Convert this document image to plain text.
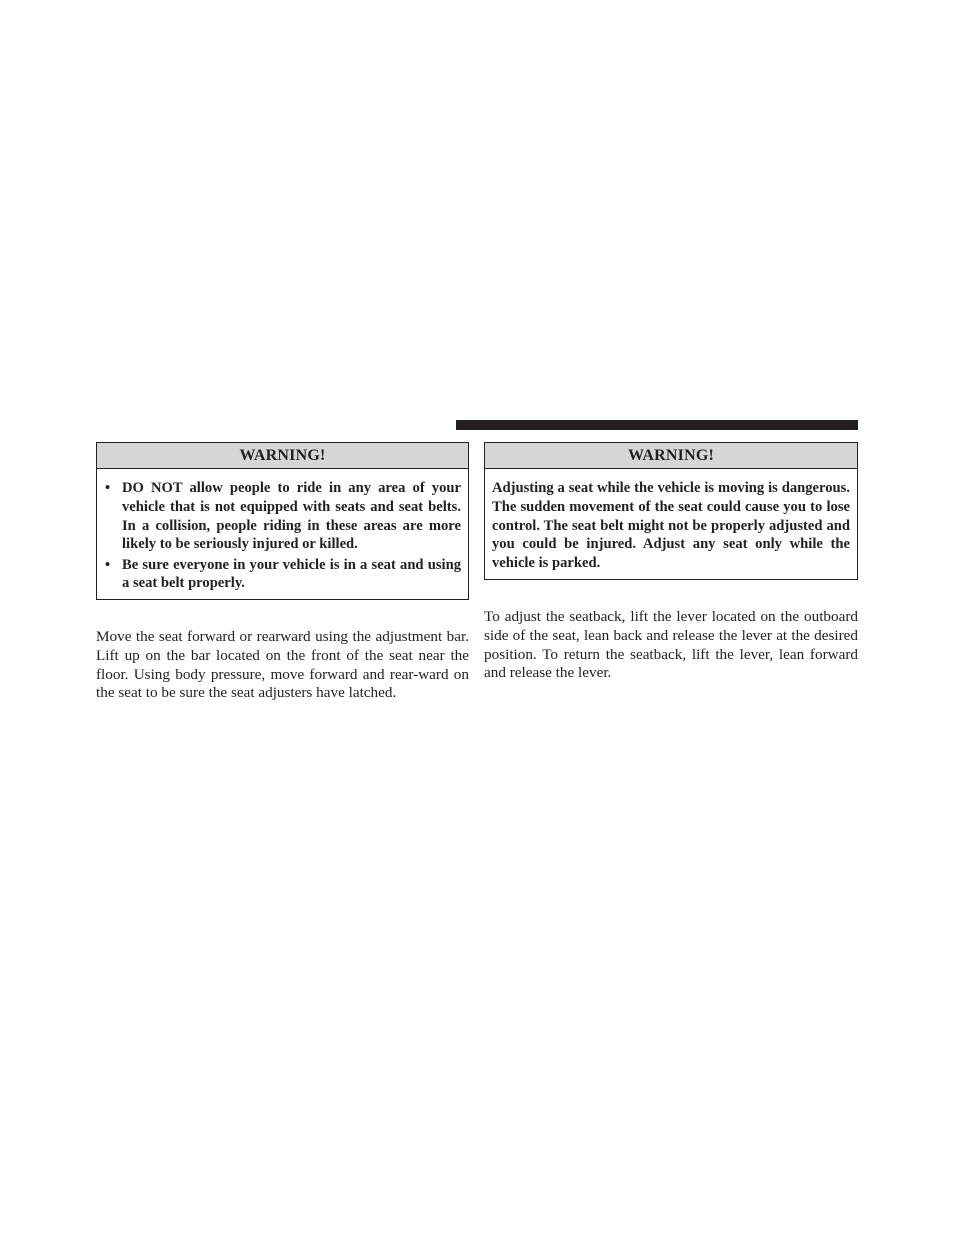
WARNING!
• DO NOT allow people to ride in any area of your vehicle that is not equipped with seats and seat belts. In a collision, people riding in these areas are more likely to be seriously injured or killed.
• Be sure everyone in your vehicle is in a seat and using a seat belt properly.
WARNING!
Adjusting a seat while the vehicle is moving is dangerous. The sudden movement of the seat could cause you to lose control. The seat belt might not be properly adjusted and you could be injured. Adjust any seat only while the vehicle is parked.

Move the seat forward or rearward using the adjustment bar. Lift up on the bar located on the front of the seat near the floor. Using body pressure, move forward and rear-ward on the seat to be sure the seat adjusters have latched.

To adjust the seatback, lift the lever located on the outboard side of the seat, lean back and release the lever at the desired position. To return the seatback, lift the lever, lean forward and release the lever.
